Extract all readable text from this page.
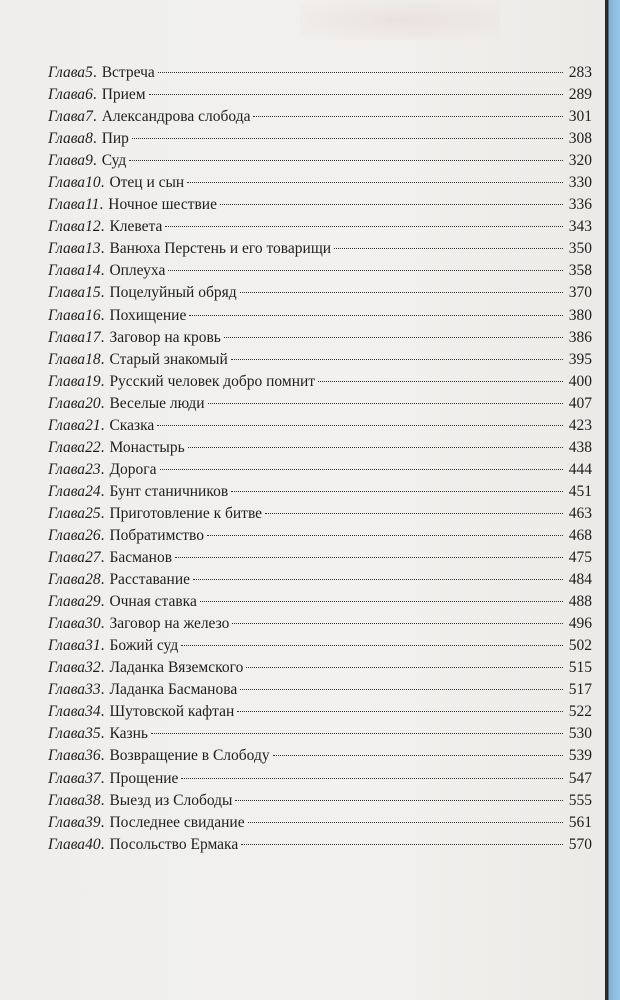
Глава 5 . Встреча	283
Глава 6 . Прием	289
Глава 7 . Александрова слобода	301
Глава 8 . Пир	308
Глава 9 . Суд	320
Глава 10 . Отец и сын	330
Глава 11 . Ночное шествие	336
Глава 12 . Клевета	343
Глава 13 . Ванюха Перстень и его товарищи	350
Глава 14 . Оплеуха	358
Глава 15 . Поцелуйный обряд	370
Глава 16 . Похищение	380
Глава 17 . Заговор на кровь	386
Глава 18 . Старый знакомый	395
Глава 19 . Русский человек добро помнит	400
Глава 20 . Веселые люди	407
Глава 21 . Сказка	423
Глава 22 . Монастырь	438
Глава 23 . Дорога	444
Глава 24 . Бунт станичников	451
Глава 25 . Приготовление к битве	463
Глава 26 . Побратимство	468
Глава 27 . Басманов	475
Глава 28 . Расставание	484
Глава 29 . Очная ставка	488
Глава 30 . Заговор на железо	496
Глава 31 . Божий суд	502
Глава 32 . Ладанка Вяземского	515
Глава 33 . Ладанка Басманова	517
Глава 34 . Шутовской кафтан	522
Глава 35 . Казнь	530
Глава 36 . Возвращение в Слободу	539
Глава 37 . Прощение	547
Глава 38 . Выезд из Слободы	555
Глава 39 . Последнее свидание	561
Глава 40 . Посольство Ермака	570
